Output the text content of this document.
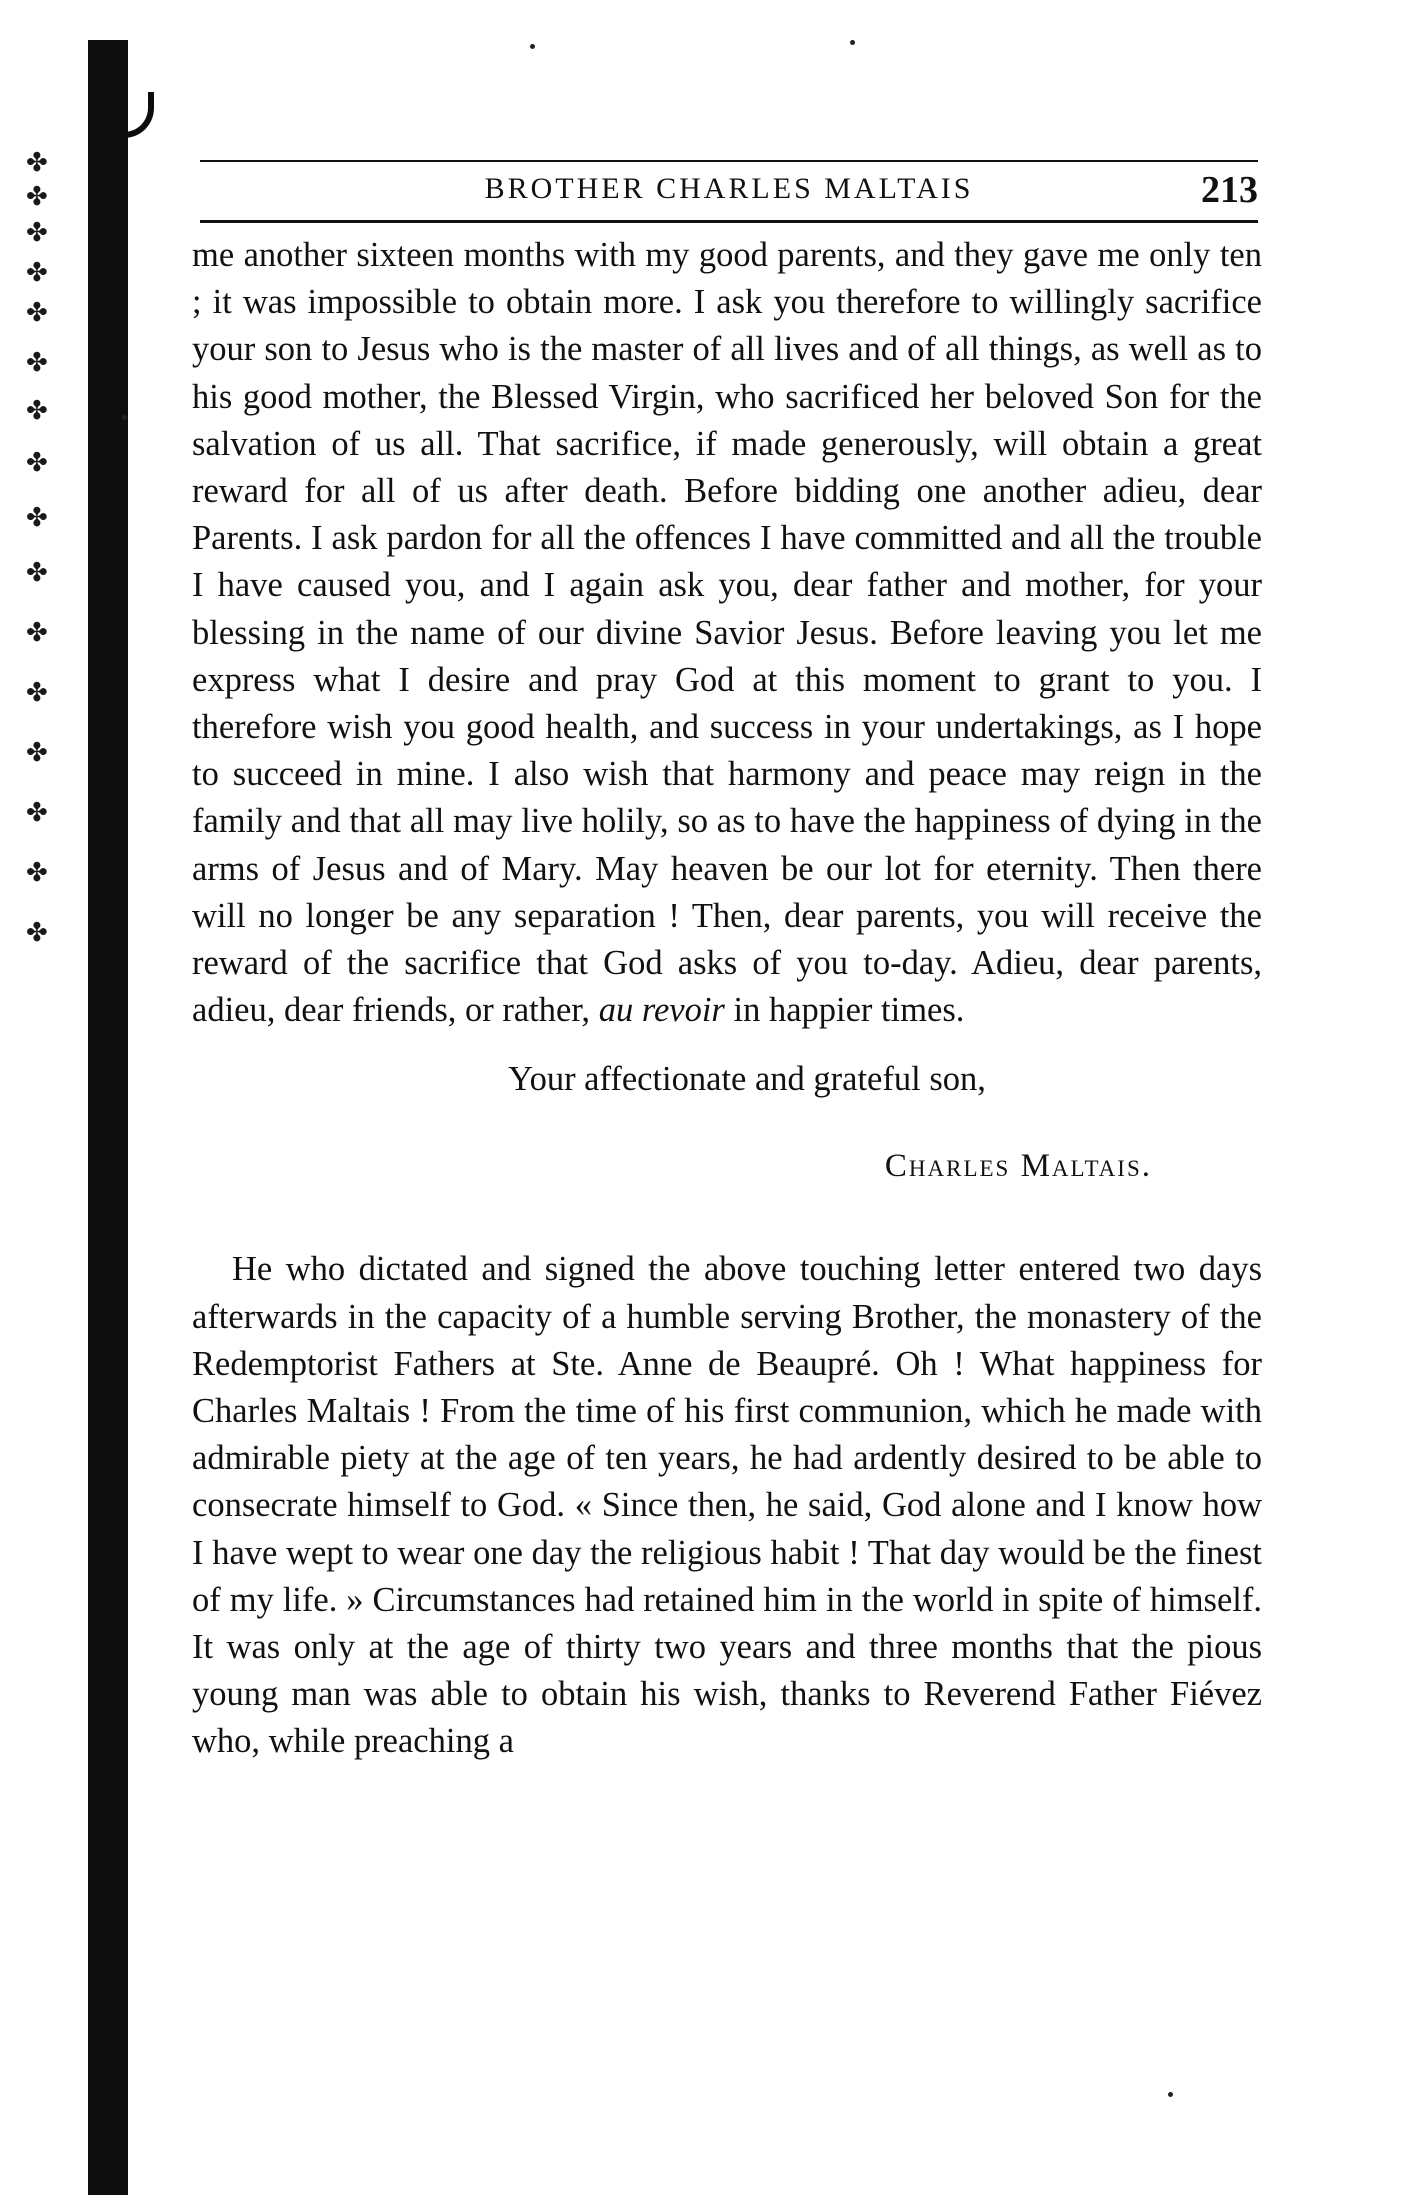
✤
✤
✤
✤
✤
✤
✤
✤
✤
✤
✤
✤
✤
✤
✤
✤
BROTHER CHARLES MALTAIS	213

me another sixteen months with my good parents, and they gave me only ten ; it was impossible to obtain more. I ask you therefore to willingly sacrifice your son to Jesus who is the master of all lives and of all things, as well as to his good mother, the Blessed Virgin, who sacrificed her beloved Son for the salvation of us all. That sacrifice, if made generously, will obtain a great reward for all of us after death. Before bidding one another adieu, dear Parents. I ask pardon for all the offences I have committed and all the trouble I have caused you, and I again ask you, dear father and mother, for your blessing in the name of our divine Savior Jesus. Before leaving you let me express what I desire and pray God at this moment to grant to you. I therefore wish you good health, and success in your undertakings, as I hope to succeed in mine. I also wish that harmony and peace may reign in the family and that all may live holily, so as to have the happiness of dying in the arms of Jesus and of Mary. May heaven be our lot for eternity. Then there will no longer be any separation ! Then, dear parents, you will receive the reward of the sacrifice that God asks of you to-day. Adieu, dear parents, adieu, dear friends, or rather, au revoir in happier times.

Your affectionate and grateful son,

Charles Maltais.

He who dictated and signed the above touching letter entered two days afterwards in the capacity of a humble serving Brother, the monastery of the Redemptorist Fathers at Ste. Anne de Beaupré. Oh ! What happiness for Charles Maltais ! From the time of his first communion, which he made with admirable piety at the age of ten years, he had ardently desired to be able to consecrate himself to God. « Since then, he said, God alone and I know how I have wept to wear one day the religious habit ! That day would be the finest of my life. » Circumstances had retained him in the world in spite of himself. It was only at the age of thirty two years and three months that the pious young man was able to obtain his wish, thanks to Reverend Father Fiévez who, while preaching a
